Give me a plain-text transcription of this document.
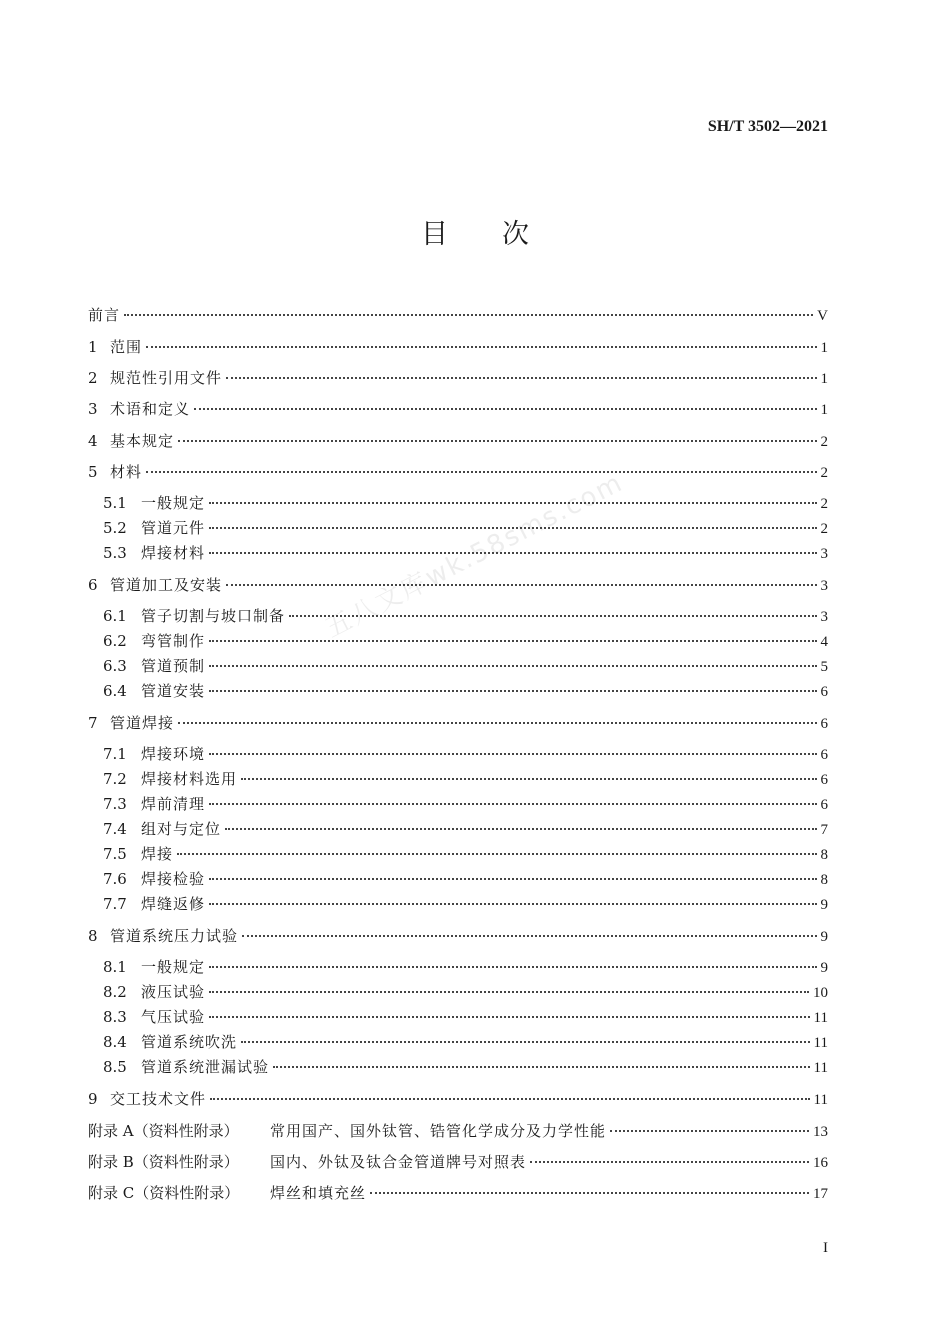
SH/T 3502—2021
五八文库wk.58sms.com
目次
前言	V
1 范围	1
2 规范性引用文件	1
3 术语和定义	1
4 基本规定	2
5 材料	2
5.1 一般规定	2
5.2 管道元件	2
5.3 焊接材料	3
6 管道加工及安装	3
6.1 管子切割与坡口制备	3
6.2 弯管制作	4
6.3 管道预制	5
6.4 管道安装	6
7 管道焊接	6
7.1 焊接环境	6
7.2 焊接材料选用	6
7.3 焊前清理	6
7.4 组对与定位	7
7.5 焊接	8
7.6 焊接检验	8
7.7 焊缝返修	9
8 管道系统压力试验	9
8.1 一般规定	9
8.2 液压试验	10
8.3 气压试验	11
8.4 管道系统吹洗	11
8.5 管道系统泄漏试验	11
9 交工技术文件	11
附录 A（资料性附录）	常用国产、国外钛管、锆管化学成分及力学性能	13
附录 B（资料性附录）	国内、外钛及钛合金管道牌号对照表	16
附录 C（资料性附录）	焊丝和填充丝	17
I
